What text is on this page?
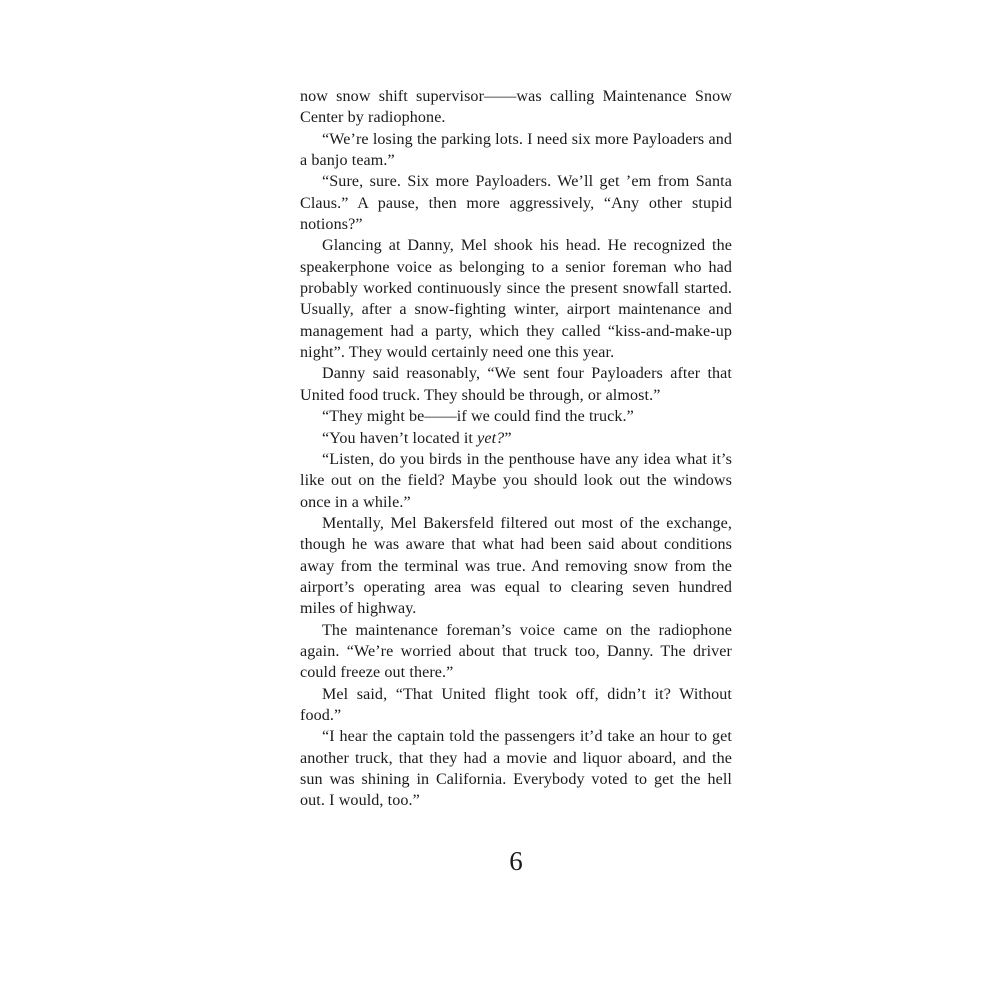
now snow shift supervisor——was calling Maintenance Snow Center by radiophone.

“We’re losing the parking lots. I need six more Payloaders and a banjo team.”

“Sure, sure. Six more Payloaders. We’ll get ’em from Santa Claus.” A pause, then more aggressively, “Any other stupid notions?”

Glancing at Danny, Mel shook his head. He recognized the speakerphone voice as belonging to a senior foreman who had probably worked continuously since the present snowfall started. Usually, after a snow-fighting winter, airport maintenance and management had a party, which they called “kiss-and-make-up night”. They would certainly need one this year.

Danny said reasonably, “We sent four Payloaders after that United food truck. They should be through, or almost.”

“They might be——if we could find the truck.”

“You haven’t located it yet?”

“Listen, do you birds in the penthouse have any idea what it’s like out on the field? Maybe you should look out the windows once in a while.”

Mentally, Mel Bakersfeld filtered out most of the exchange, though he was aware that what had been said about conditions away from the terminal was true. And removing snow from the airport’s operating area was equal to clearing seven hundred miles of highway.

The maintenance foreman’s voice came on the radiophone again. “We’re worried about that truck too, Danny. The driver could freeze out there.”

Mel said, “That United flight took off, didn’t it? Without food.”

“I hear the captain told the passengers it’d take an hour to get another truck, that they had a movie and liquor aboard, and the sun was shining in California. Everybody voted to get the hell out. I would, too.”

6
